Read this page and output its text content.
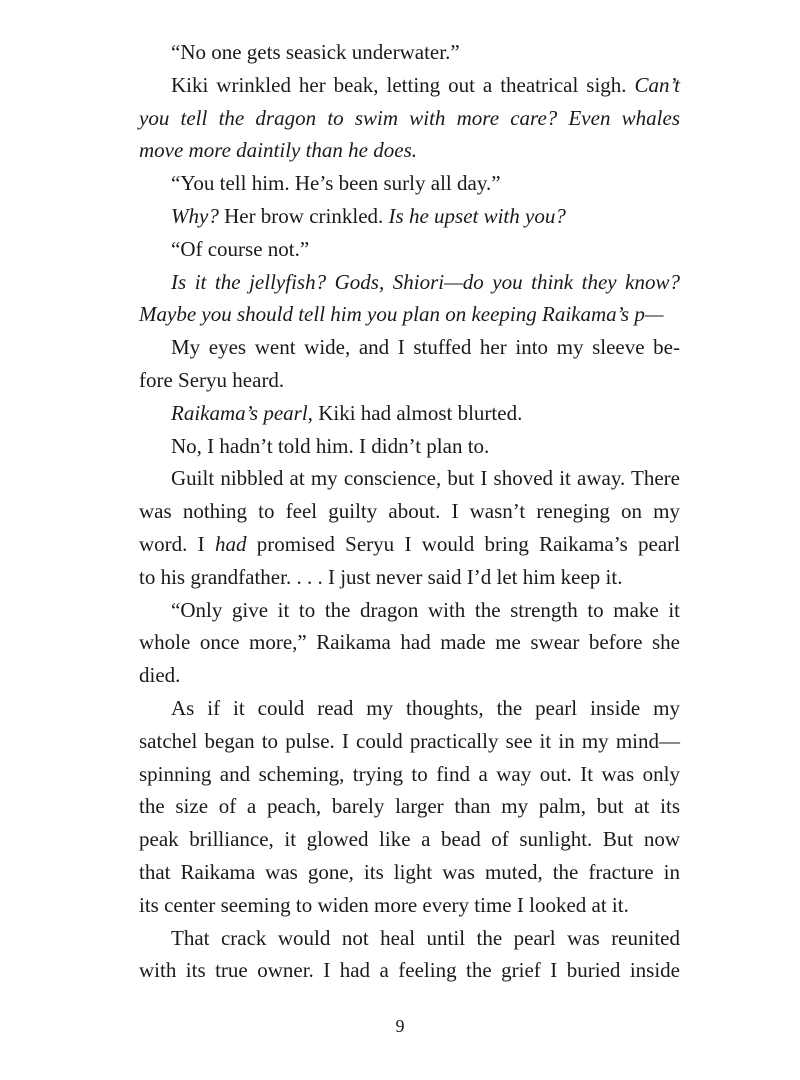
“No one gets seasick underwater.”
Kiki wrinkled her beak, letting out a theatrical sigh. Can’t
you tell the dragon to swim with more care? Even whales
move more daintily than he does.
“You tell him. He’s been surly all day.”
Why? Her brow crinkled. Is he upset with you?
“Of course not.”
Is it the jellyfish? Gods, Shiori—do you think they know?
Maybe you should tell him you plan on keeping Raikama’s p—
My eyes went wide, and I stuffed her into my sleeve be-
fore Seryu heard.
Raikama’s pearl, Kiki had almost blurted.
No, I hadn’t told him. I didn’t plan to.
Guilt nibbled at my conscience, but I shoved it away. There
was nothing to feel guilty about. I wasn’t reneging on my
word. I had promised Seryu I would bring Raikama’s pearl
to his grandfather. . . . I just never said I’d let him keep it.
“Only give it to the dragon with the strength to make it
whole once more,” Raikama had made me swear before she
died.
As if it could read my thoughts, the pearl inside my
satchel began to pulse. I could practically see it in my mind—
spinning and scheming, trying to find a way out. It was only
the size of a peach, barely larger than my palm, but at its
peak brilliance, it glowed like a bead of sunlight. But now
that Raikama was gone, its light was muted, the fracture in
its center seeming to widen more every time I looked at it.
That crack would not heal until the pearl was reunited
with its true owner. I had a feeling the grief I buried inside
9
